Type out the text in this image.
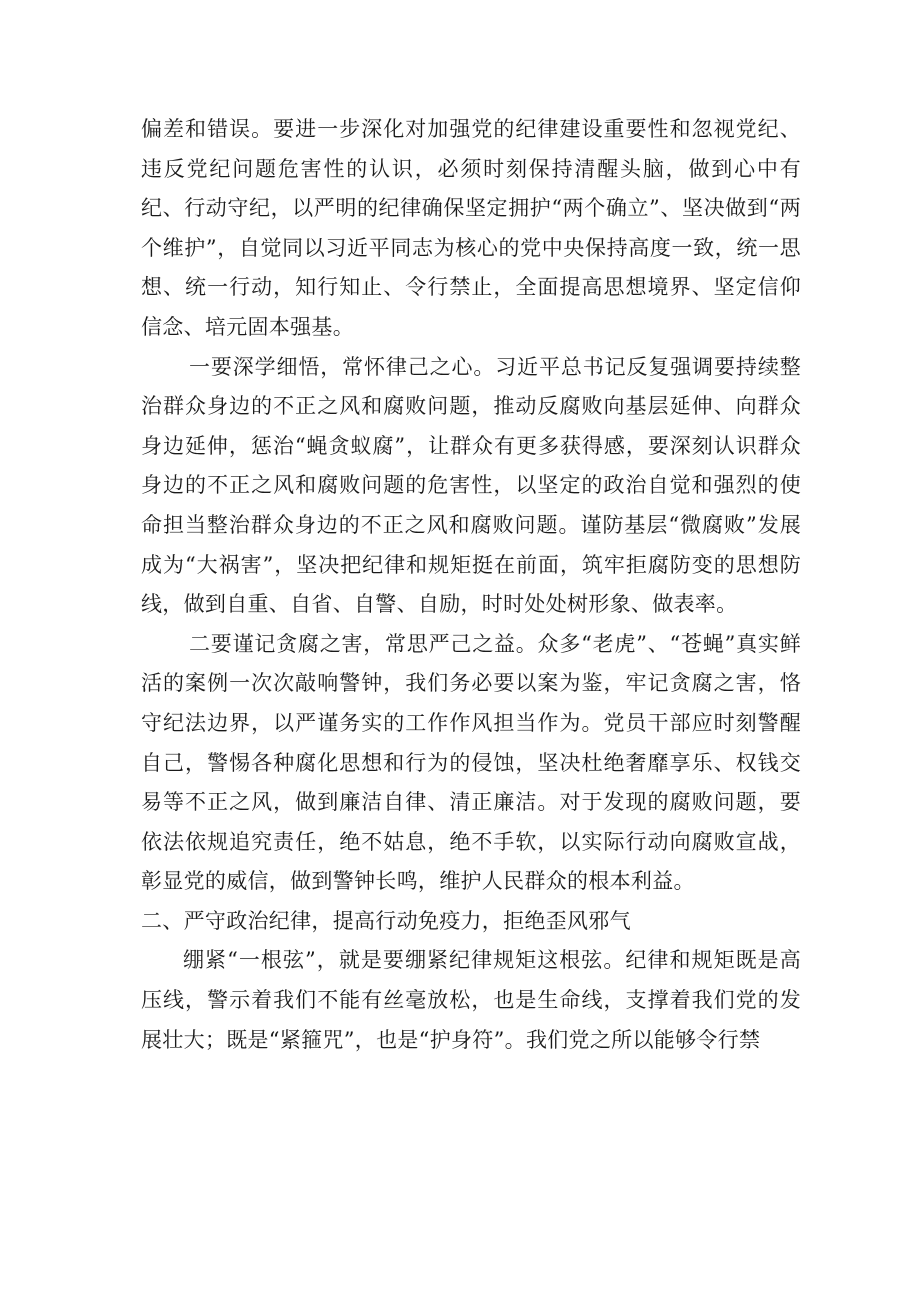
偏差和错误。要进一步深化对加强党的纪律建设重要性和忽视党纪、违反党纪问题危害性的认识，必须时刻保持清醒头脑，做到心中有纪、行动守纪，以严明的纪律确保坚定拥护“两个确立”、坚决做到“两个维护”，自觉同以习近平同志为核心的党中央保持高度一致，统一思想、统一行动，知行知止、令行禁止，全面提高思想境界、坚定信仰信念、培元固本强基。

一要深学细悟，常怀律己之心。习近平总书记反复强调要持续整治群众身边的不正之风和腐败问题，推动反腐败向基层延伸、向群众身边延伸，惩治“蝇贪蚁腐”，让群众有更多获得感，要深刻认识群众身边的不正之风和腐败问题的危害性，以坚定的政治自觉和强烈的使命担当整治群众身边的不正之风和腐败问题。谨防基层“微腐败”发展成为“大祸害”，坚决把纪律和规矩挺在前面，筑牢拒腐防变的思想防线，做到自重、自省、自警、自励，时时处处树形象、做表率。

二要谨记贪腐之害，常思严己之益。众多“老虎”、“苍蝇”真实鲜活的案例一次次敲响警钟，我们务必要以案为鉴，牢记贪腐之害，恪守纪法边界，以严谨务实的工作作风担当作为。党员干部应时刻警醒自己，警惕各种腐化思想和行为的侵蚀，坚决杜绝奢靡享乐、权钱交易等不正之风，做到廉洁自律、清正廉洁。对于发现的腐败问题，要依法依规追究责任，绝不姑息，绝不手软，以实际行动向腐败宣战，彰显党的威信，做到警钟长鸣，维护人民群众的根本利益。

二、严守政治纪律，提高行动免疫力，拒绝歪风邪气

绷紧“一根弦”，就是要绷紧纪律规矩这根弦。纪律和规矩既是高压线，警示着我们不能有丝毫放松，也是生命线，支撑着我们党的发展壮大；既是“紧箍咒”，也是“护身符”。我们党之所以能够令行禁
